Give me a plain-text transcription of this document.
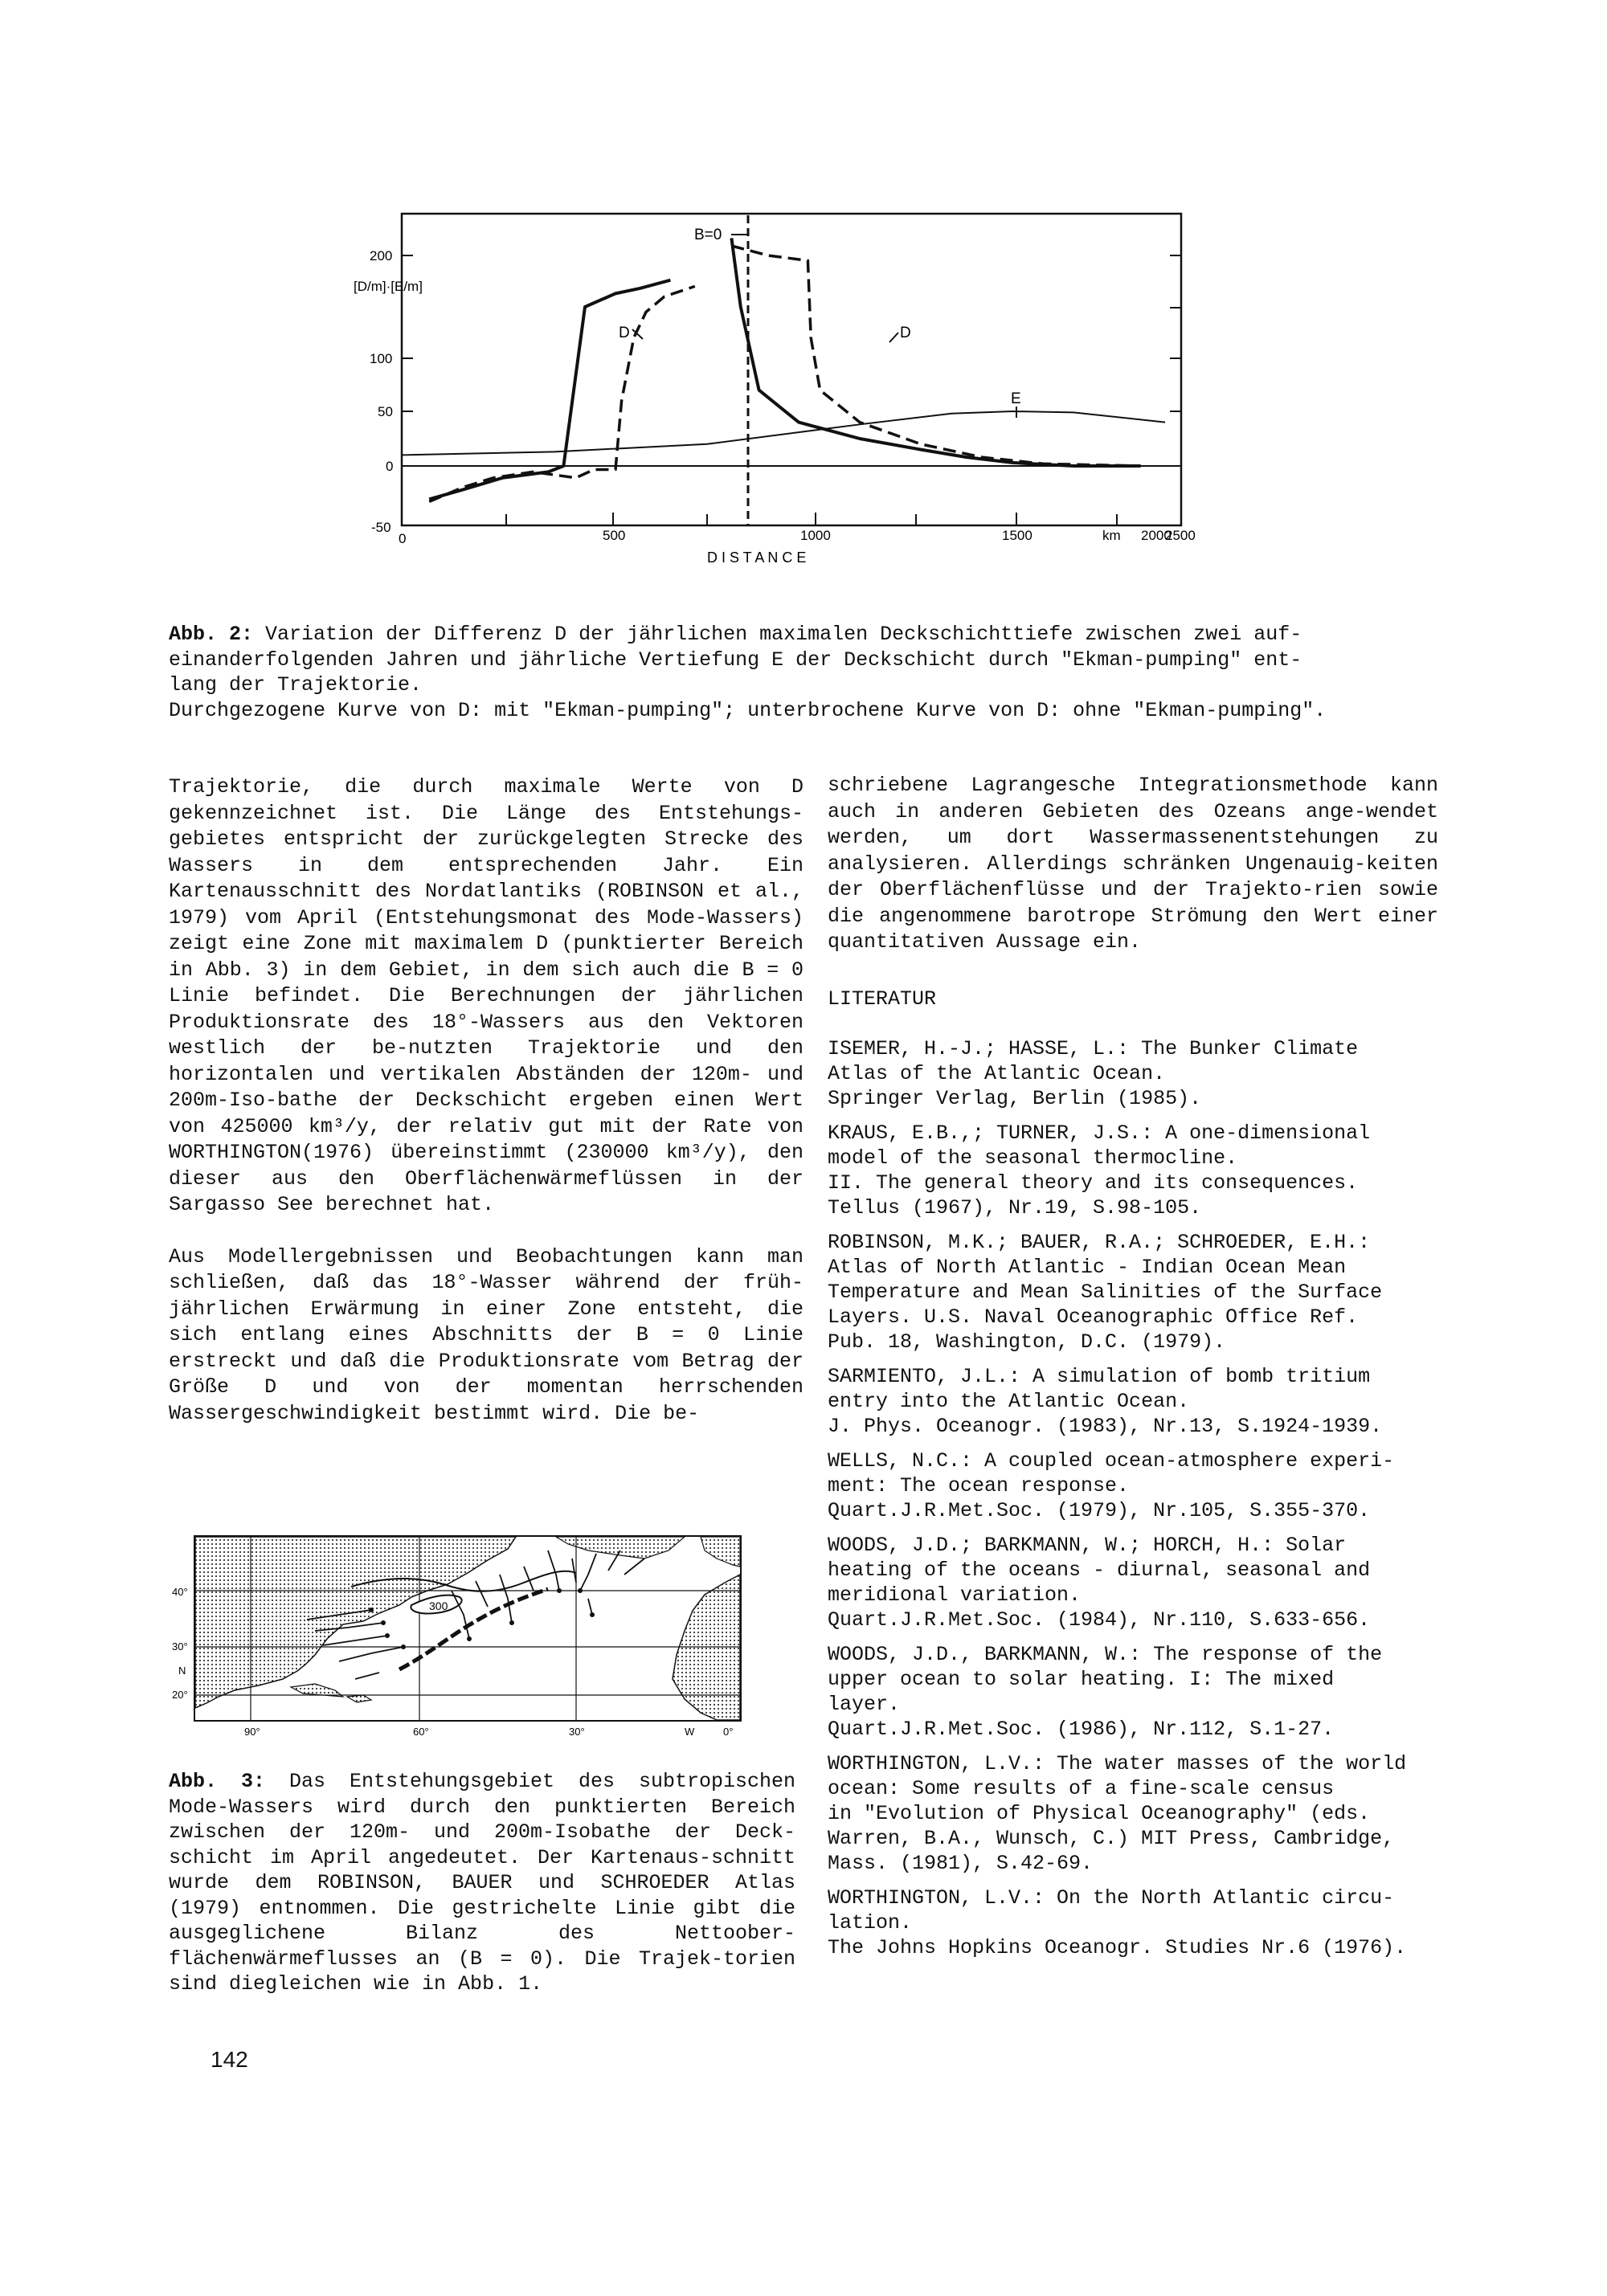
200
100
50
0
-50
[D/m]·[E/m]
0	500	1000	1500	2000
2500
km
D I S T A N C E
B=0
D	D
E

Abb. 2: Variation der Differenz D der jährlichen maximalen Deckschichttiefe zwischen zwei auf-

einanderfolgenden Jahren und jährliche Vertiefung E der Deckschicht durch "Ekman-pumping" ent-

lang der Trajektorie.

Durchgezogene Kurve von D: mit "Ekman-pumping"; unterbrochene Kurve von D: ohne "Ekman-pumping".

Trajektorie, die durch maximale Werte von D gekennzeichnet ist. Die Länge des Entstehungs-gebietes entspricht der zurückgelegten Strecke des Wassers in dem entsprechenden Jahr. Ein Kartenausschnitt des Nordatlantiks (ROBINSON et al., 1979) vom April (Entstehungsmonat des Mode-Wassers) zeigt eine Zone mit maximalem D (punktierter Bereich in Abb. 3) in dem Gebiet, in dem sich auch die B = 0 Linie befindet. Die Berechnungen der jährlichen Produktionsrate des 18°-Wassers aus den Vektoren westlich der be-nutzten Trajektorie und den horizontalen und vertikalen Abständen der 120m- und 200m-Iso-bathe der Deckschicht ergeben einen Wert von 425000 km³/y, der relativ gut mit der Rate von WORTHINGTON(1976) übereinstimmt (230000 km³/y), den dieser aus den Oberflächenwärmeflüssen in der Sargasso See berechnet hat.

Aus Modellergebnissen und Beobachtungen kann man schließen, daß das 18°-Wasser während der früh-jährlichen Erwärmung in einer Zone entsteht, die sich entlang eines Abschnitts der B = 0 Linie erstreckt und daß die Produktionsrate vom Betrag der Größe D und von der momentan herrschenden Wassergeschwindigkeit bestimmt wird. Die be-

300
40°
30°
N
20°
90°	60°	30°	W	0°

Abb. 3: Das Entstehungsgebiet des subtropischen Mode-Wassers wird durch den punktierten Bereich zwischen der 120m- und 200m-Isobathe der Deck-schicht im April angedeutet. Der Kartenaus-schnitt wurde dem ROBINSON, BAUER und SCHROEDER Atlas (1979) entnommen. Die gestrichelte Linie gibt die ausgeglichene Bilanz des Nettoober-flächenwärmeflusses an (B = 0). Die Trajek-torien sind diegleichen wie in Abb. 1.

schriebene Lagrangesche Integrationsmethode kann auch in anderen Gebieten des Ozeans ange-wendet werden, um dort Wassermassenentstehungen zu analysieren. Allerdings schränken Ungenauig-keiten der Oberflächenflüsse und der Trajekto-rien sowie die angenommene barotrope Strömung den Wert einer quantitativen Aussage ein.

LITERATUR

ISEMER, H.-J.; HASSE, L.: The Bunker Climate

Atlas of the Atlantic Ocean.

Springer Verlag, Berlin (1985).

KRAUS, E.B.,; TURNER, J.S.: A one-dimensional

model of the seasonal thermocline.

II. The general theory and its consequences.

Tellus (1967), Nr.19, S.98-105.

ROBINSON, M.K.; BAUER, R.A.; SCHROEDER, E.H.:

Atlas of North Atlantic - Indian Ocean Mean

Temperature and Mean Salinities of the Surface

Layers. U.S. Naval Oceanographic Office Ref.

Pub. 18, Washington, D.C. (1979).

SARMIENTO, J.L.: A simulation of bomb tritium

entry into the Atlantic Ocean.

J. Phys. Oceanogr. (1983), Nr.13, S.1924-1939.

WELLS, N.C.: A coupled ocean-atmosphere experi-

ment: The ocean response.

Quart.J.R.Met.Soc. (1979), Nr.105, S.355-370.

WOODS, J.D.; BARKMANN, W.; HORCH, H.: Solar

heating of the oceans - diurnal, seasonal and

meridional variation.

Quart.J.R.Met.Soc. (1984), Nr.110, S.633-656.

WOODS, J.D., BARKMANN, W.: The response of the

upper ocean to solar heating. I: The mixed

layer.

Quart.J.R.Met.Soc. (1986), Nr.112, S.1-27.

WORTHINGTON, L.V.: The water masses of the world

ocean: Some results of a fine-scale census

in "Evolution of Physical Oceanography" (eds.

Warren, B.A., Wunsch, C.) MIT Press, Cambridge,

Mass. (1981), S.42-69.

WORTHINGTON, L.V.: On the North Atlantic circu-

lation.

The Johns Hopkins Oceanogr. Studies Nr.6 (1976).

142
